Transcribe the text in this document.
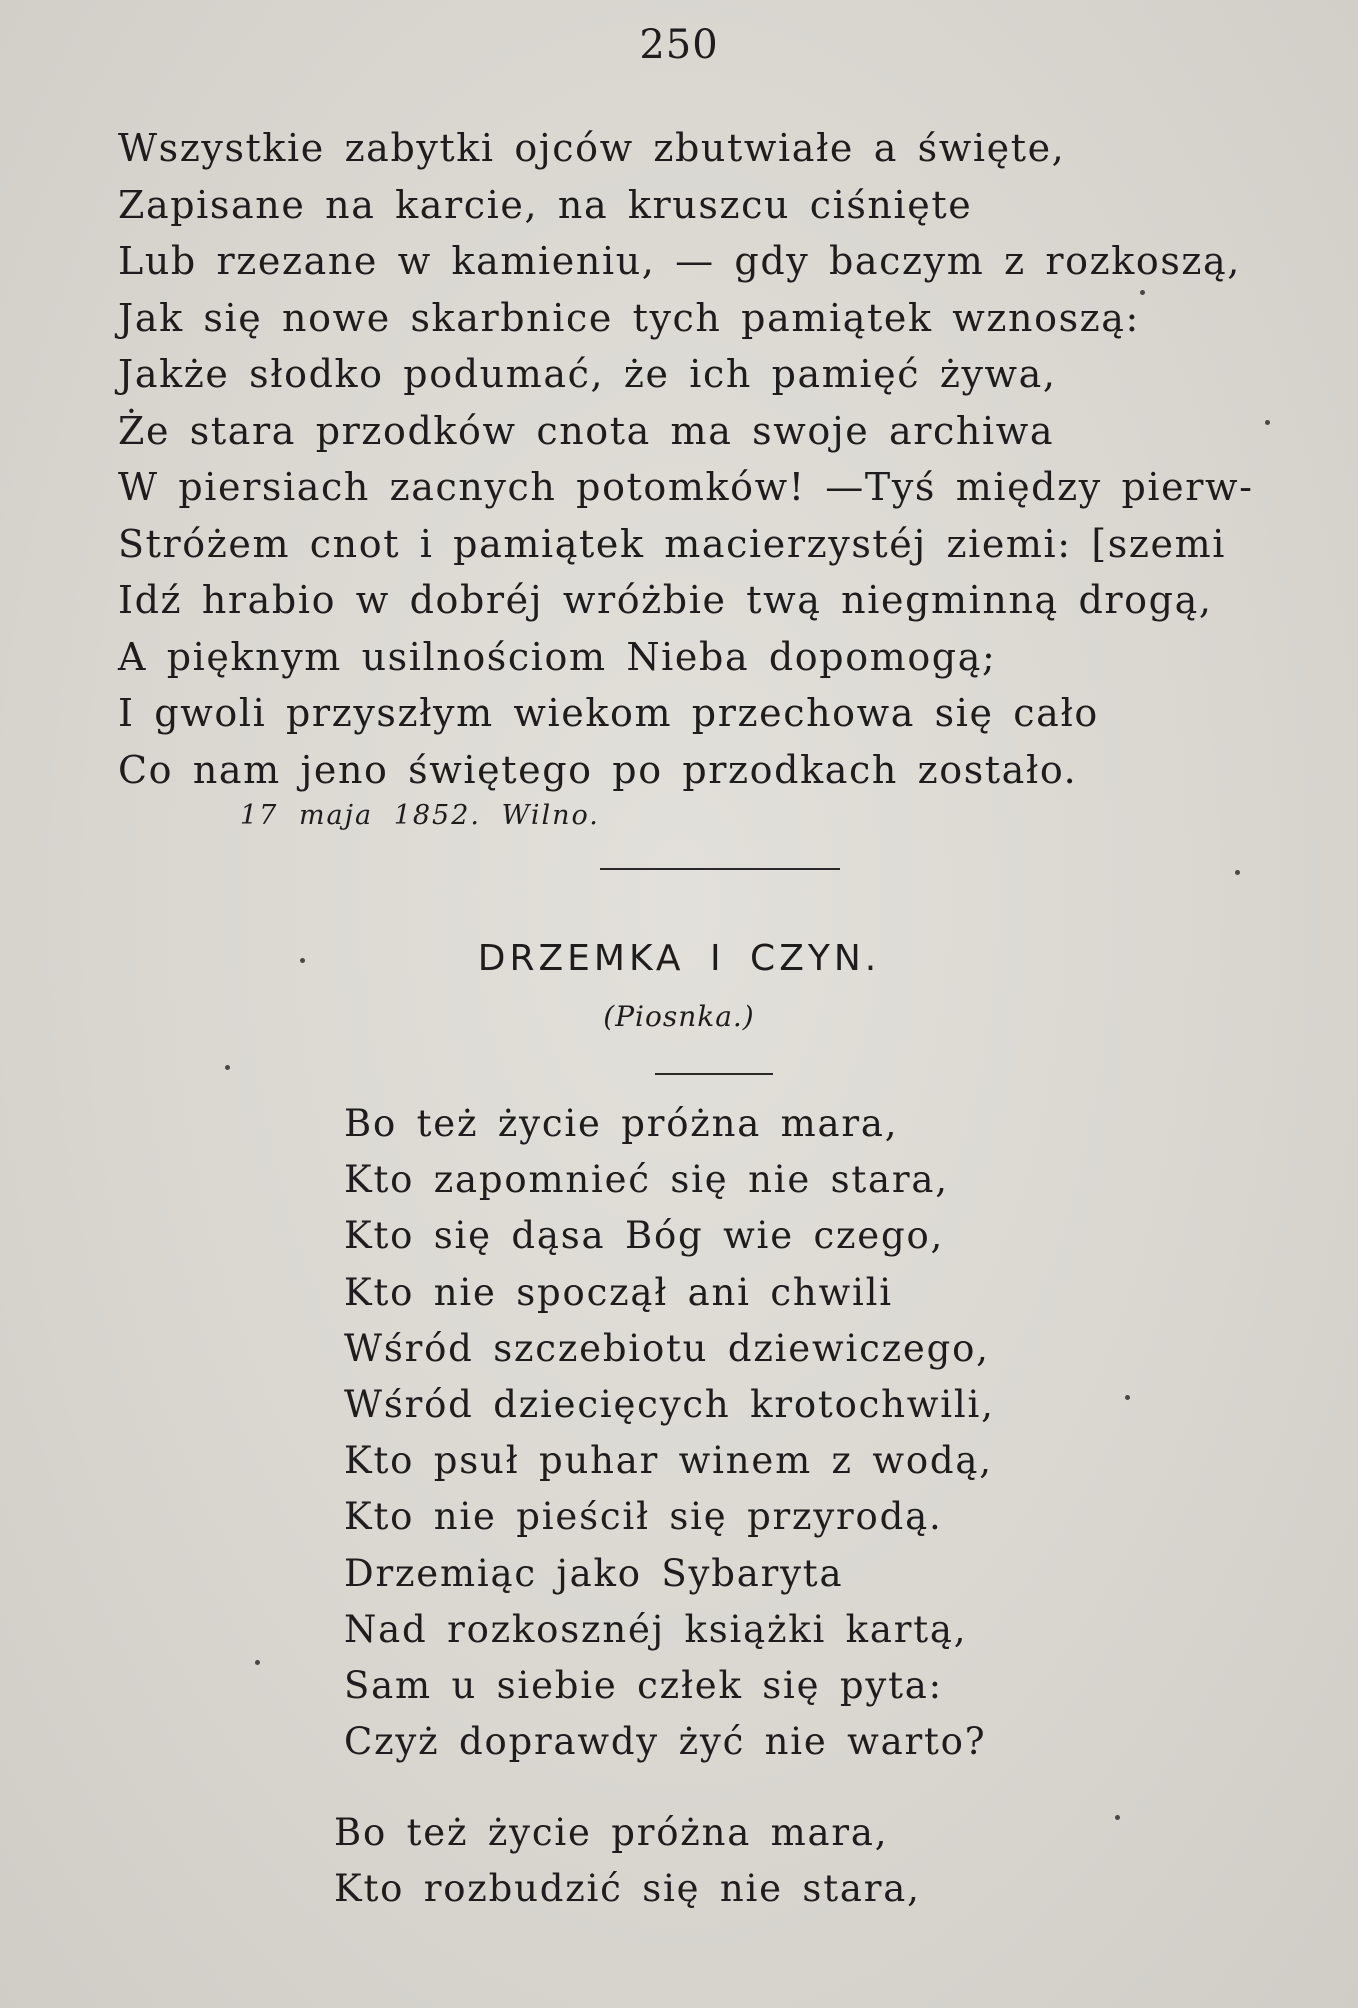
250
Wszystkie zabytki ojców zbutwiałe a święte,
Zapisane na karcie, na kruszcu ciśnięte
Lub rzezane w kamieniu, — gdy baczym z rozkoszą,
Jak się nowe skarbnice tych pamiątek wznoszą:
Jakże słodko podumać, że ich pamięć żywa,
Że stara przodków cnota ma swoje archiwa
W piersiach zacnych potomków! —Tyś między pierw-
Stróżem cnot i pamiątek macierzystéj ziemi: [szemi
Idź hrabio w dobréj wróżbie twą niegminną drogą,
A pięknym usilnościom Nieba dopomogą;
I gwoli przyszłym wiekom przechowa się cało
Co nam jeno świętego po przodkach zostało.
17 maja 1852. Wilno.
DRZEMKA I CZYN.
(Piosnka.)
Bo też życie próżna mara,
Kto zapomnieć się nie stara,
Kto się dąsa Bóg wie czego,
Kto nie spoczął ani chwili
Wśród szczebiotu dziewiczego,
Wśród dziecięcych krotochwili,
Kto psuł puhar winem z wodą,
Kto nie pieścił się przyrodą.
Drzemiąc jako Sybaryta
Nad rozkosznéj książki kartą,
Sam u siebie człek się pyta:
Czyż doprawdy żyć nie warto?
Bo też życie próżna mara,
Kto rozbudzić się nie stara,
